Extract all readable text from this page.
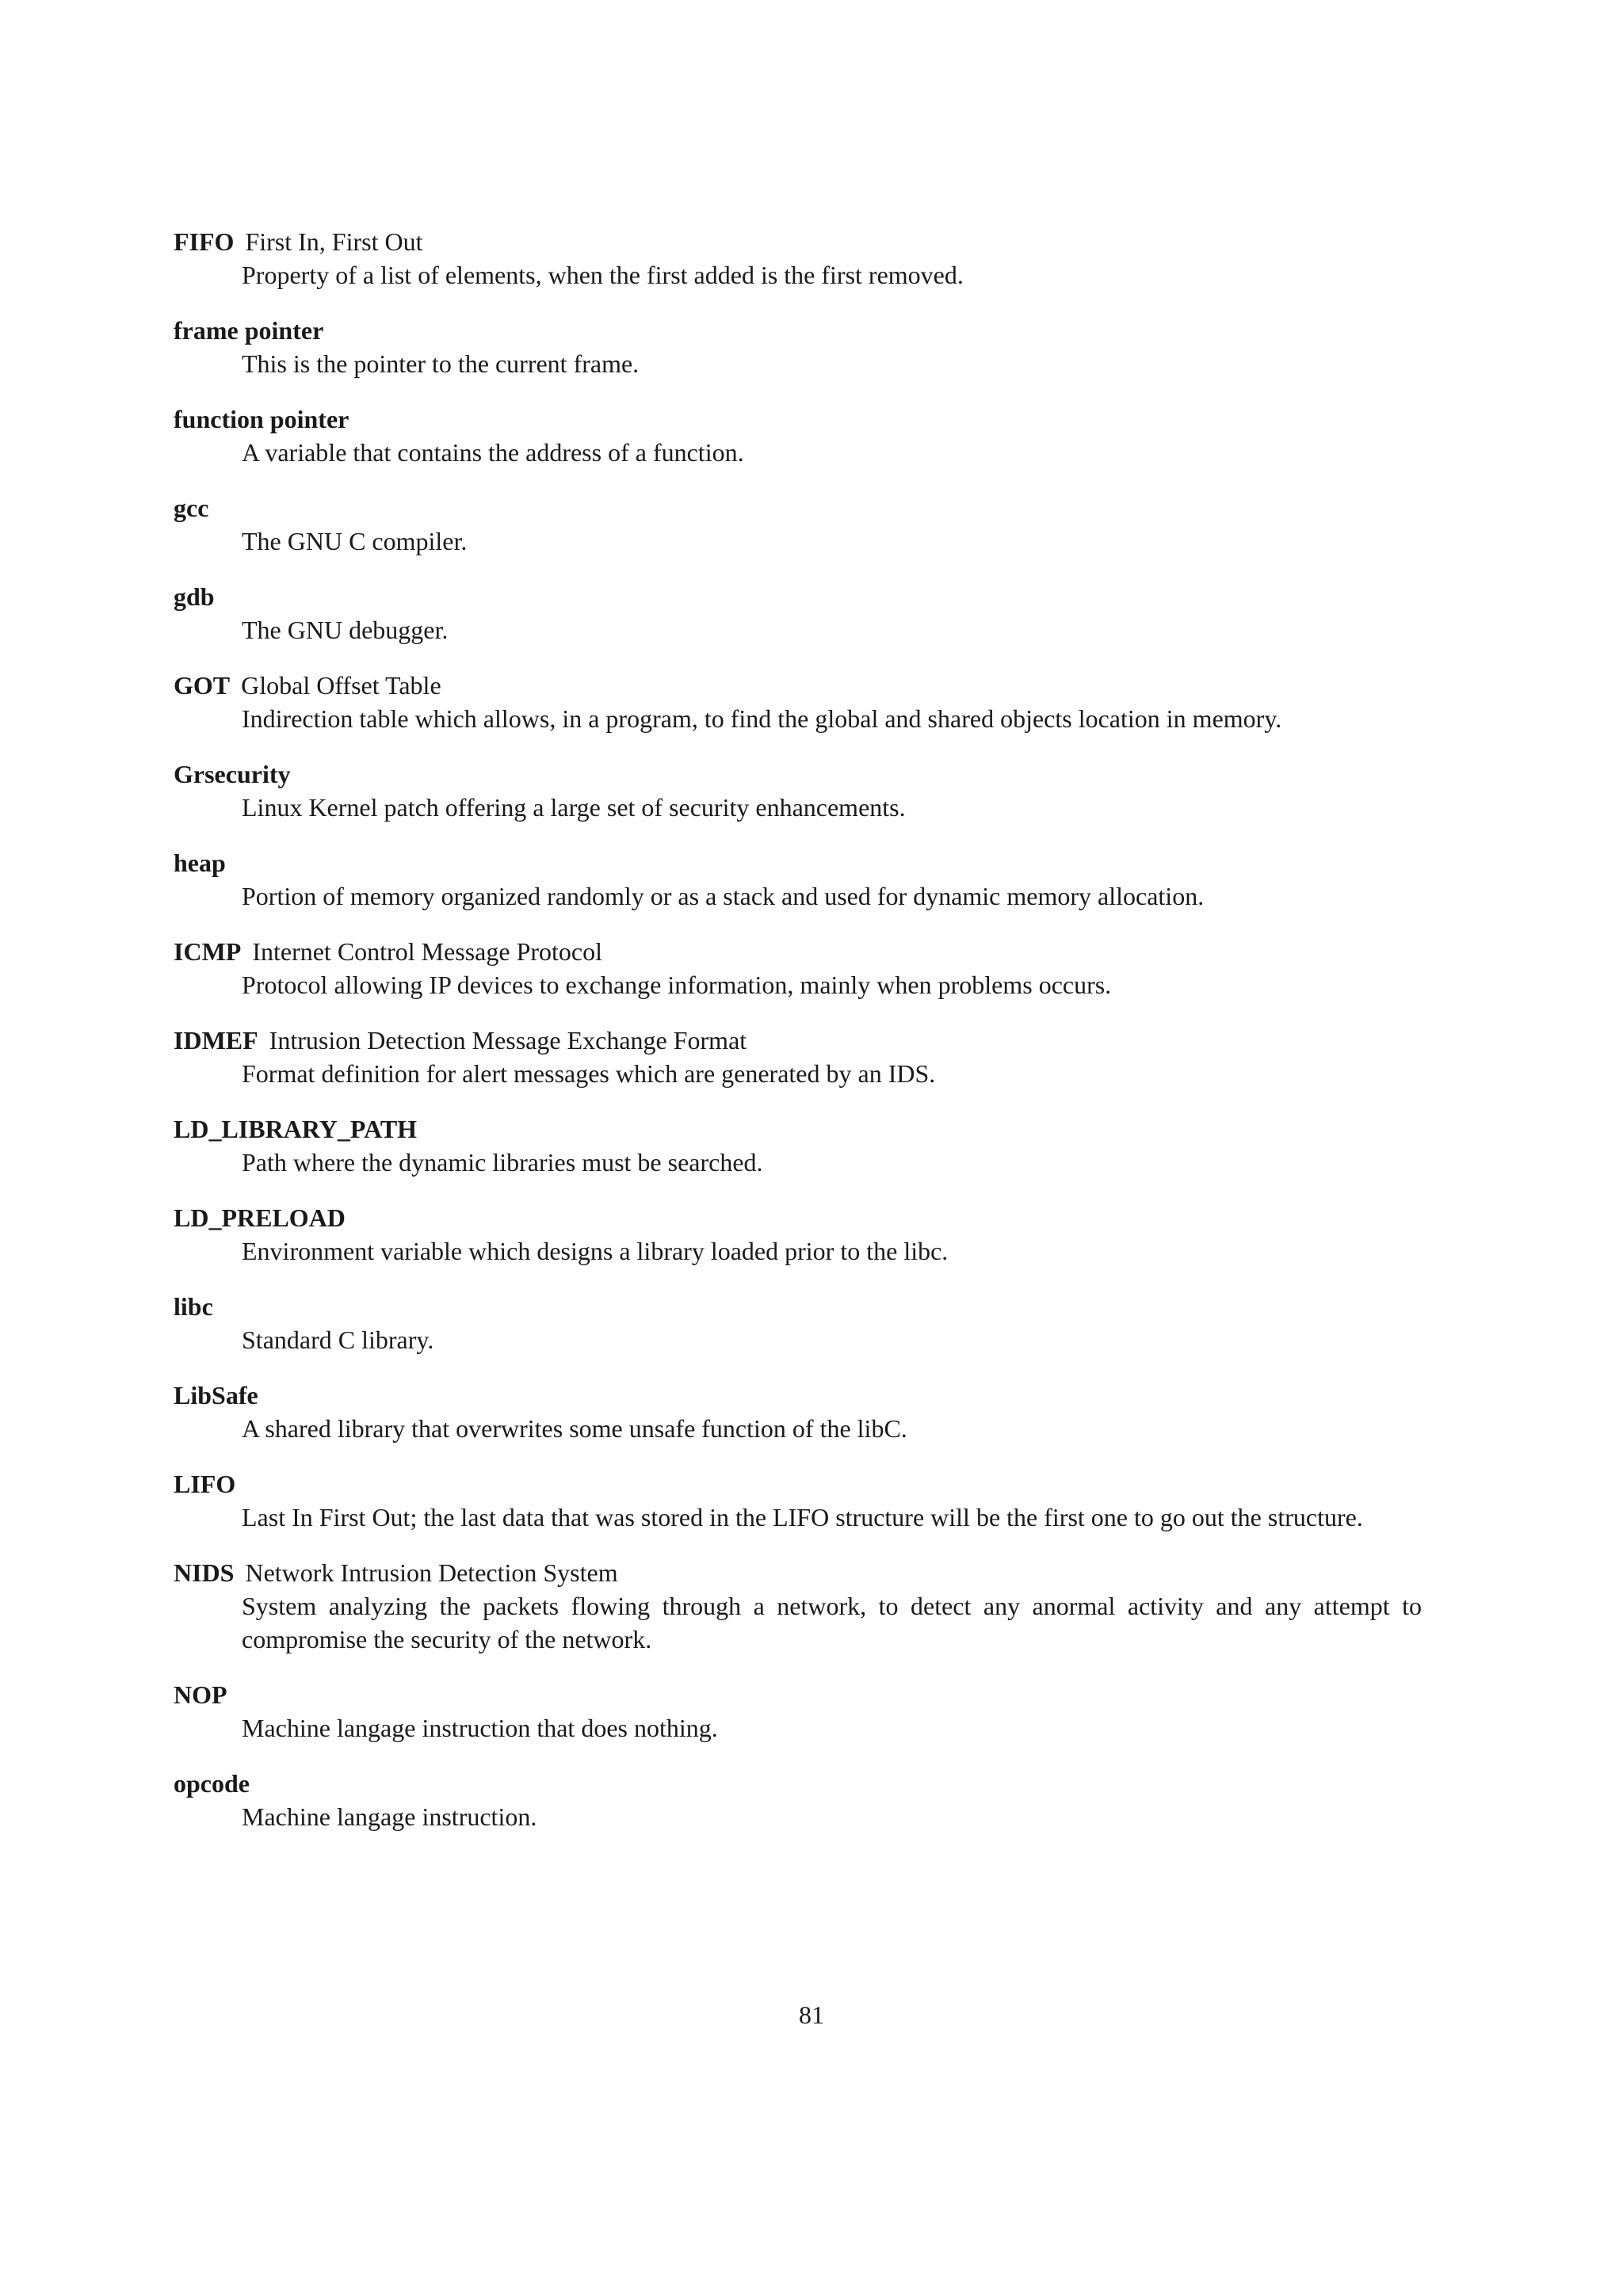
FIFO First In, First Out
Property of a list of elements, when the first added is the first removed.
frame pointer
This is the pointer to the current frame.
function pointer
A variable that contains the address of a function.
gcc
The GNU C compiler.
gdb
The GNU debugger.
GOT Global Offset Table
Indirection table which allows, in a program, to find the global and shared objects location in memory.
Grsecurity
Linux Kernel patch offering a large set of security enhancements.
heap
Portion of memory organized randomly or as a stack and used for dynamic memory allocation.
ICMP Internet Control Message Protocol
Protocol allowing IP devices to exchange information, mainly when problems occurs.
IDMEF Intrusion Detection Message Exchange Format
Format definition for alert messages which are generated by an IDS.
LD_LIBRARY_PATH
Path where the dynamic libraries must be searched.
LD_PRELOAD
Environment variable which designs a library loaded prior to the libc.
libc
Standard C library.
LibSafe
A shared library that overwrites some unsafe function of the libC.
LIFO
Last In First Out; the last data that was stored in the LIFO structure will be the first one to go out the structure.
NIDS Network Intrusion Detection System
System analyzing the packets flowing through a network, to detect any anormal activity and any attempt to compromise the security of the network.
NOP
Machine langage instruction that does nothing.
opcode
Machine langage instruction.
81
